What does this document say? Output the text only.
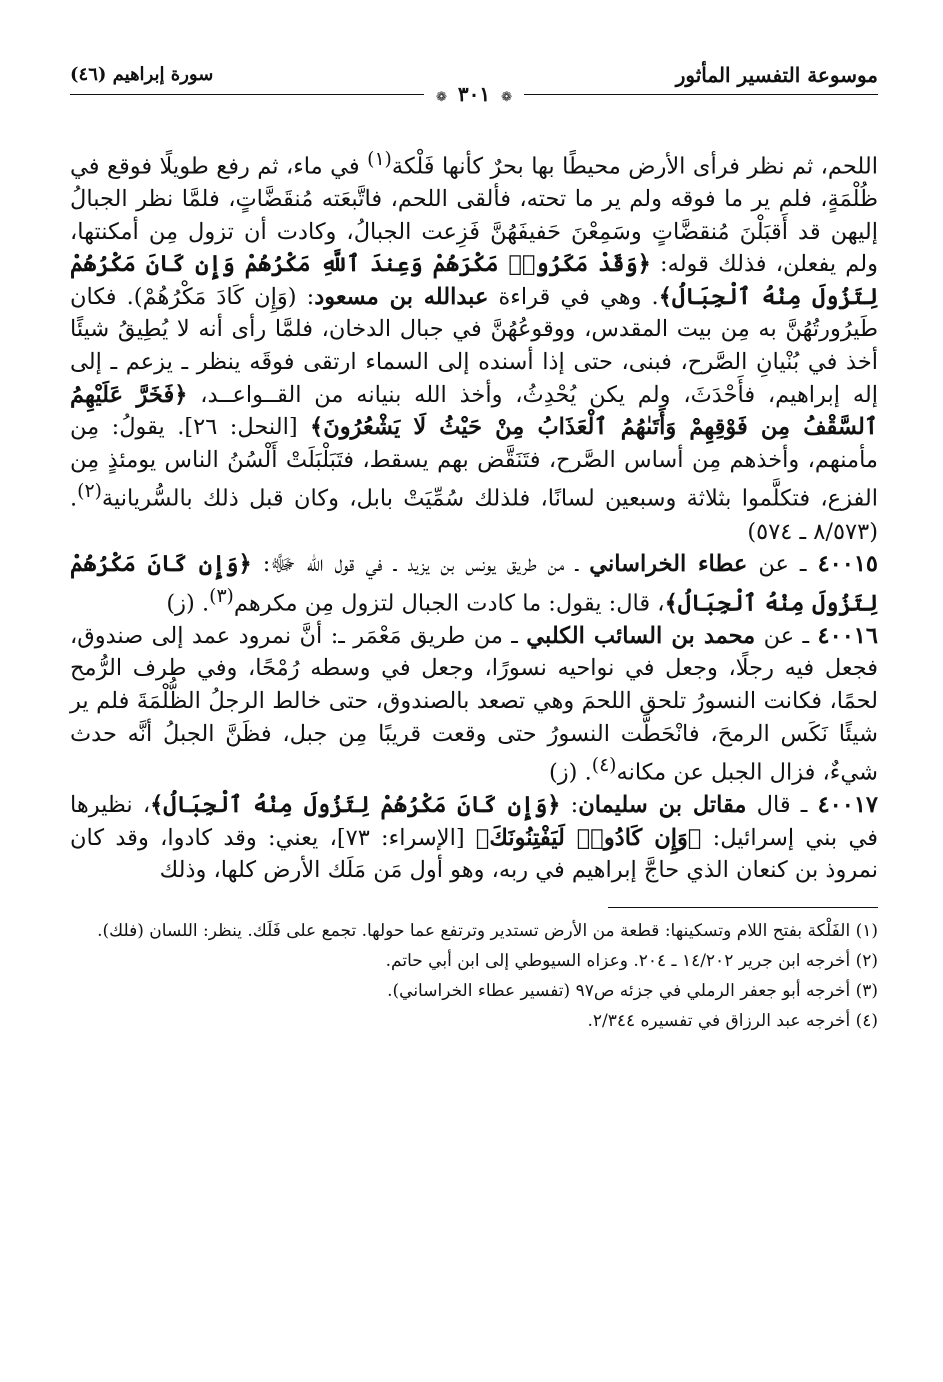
موسوعة التفسير المأثور
سورة إبراهيم (٤٦)
❁ ٣٠١ ❁

اللحم، ثم نظر فرأى الأرض محيطًا بها بحرٌ كأنها فَلْكة$^{(١)}$ في ماء، ثم رفع طويلًا فوقع في ظُلْمَةٍ، فلم ير ما فوقه ولم ير ما تحته، فألقى اللحم، فاتَّبعَته مُنقَضَّاتٍ، فلمَّا نظر الجبالُ إليهن قد أَقبَلْنَ مُنقضَّاتٍ وسَمِعْنَ حَفيفَهُنَّ فَزِعت الجبالُ، وكادت أن تزول مِن أمكنتها، ولم يفعلن، فذلك قوله: ﴿وَقَدْ مَكَرُوا۟ مَكْرَهُمْ وَعِندَ ٱللَّهِ مَكْرُهُمْ وَإِن كَانَ مَكْرُهُمْ لِتَزُولَ مِنْهُ ٱلْجِبَالُ﴾. وهي في قراءة عبدالله بن مسعود: (وَإِن كَادَ مَكْرُهُمْ). فكان طَيرُورتُهُنَّ به مِن بيت المقدس، ووقوعُهُنَّ في جبال الدخان، فلمَّا رأى أنه لا يُطِيقُ شيئًا أخذ في بُنْيانِ الصَّرح، فبنى، حتى إذا أسنده إلى السماء ارتقى فوقَه ينظر ـ يزعم ـ إلى إله إبراهيم، فأَحْدَثَ، ولم يكن يُحْدِثُ، وأخذ الله بنيانه من القــواعــد، ﴿فَخَرَّ عَلَيْهِمُ ٱلسَّقْفُ مِن فَوْقِهِمْ وَأَتَىٰهُمُ ٱلْعَذَابُ مِنْ حَيْثُ لَا يَشْعُرُونَ﴾ [النحل: ٢٦]. يقولُ: مِن مأمنهم، وأخذهم مِن أساس الصَّرح، فتَنَقَّض بهم يسقط، فتَبَلْبَلَتْ أَلْسُنُ الناس يومئذٍ مِن الفزع، فتكلَّموا بثلاثة وسبعين لسانًا، فلذلك سُمِّيَتْ بابل، وكان قبل ذلك بالسُّريانية$^{(٢)}$. (٨/٥٧٣ ـ ٥٧٤)

٤٠٠١٥ ـ عن عطاء الخراساني ـ من طريق يونس بن يزيد ـ في قول الله ﷻ: ﴿وَإِن كَانَ مَكْرُهُمْ لِتَزُولَ مِنْهُ ٱلْجِبَالُ﴾، قال: يقول: ما كادت الجبال لتزول مِن مكرهم$^{(٣)}$. (ز)

٤٠٠١٦ ـ عن محمد بن السائب الكلبي ـ من طريق مَعْمَر ـ: أنَّ نمرود عمد إلى صندوق، فجعل فيه رجلًا، وجعل في نواحيه نسورًا، وجعل في وسطه رُمْحًا، وفي طرف الرُّمح لحمًا، فكانت النسورُ تلحق اللحمَ وهي تصعد بالصندوق، حتى خالط الرجلُ الظُّلْمَةَ فلم ير شيئًا نَكَس الرمحَ، فانْحَطَّت النسورُ حتى وقعت قريبًا مِن جبل، فظَنَّ الجبلُ أنَّه حدث شيءٌ، فزال الجبل عن مكانه$^{(٤)}$. (ز)

٤٠٠١٧ ـ قال مقاتل بن سليمان: ﴿وَإِن كَانَ مَكْرُهُمْ لِتَزُولَ مِنْهُ ٱلْجِبَالُ﴾، نظيرها في بني إسرائيل: ﴿وَإِن كَادُوا۟ لَيَفْتِنُونَكَ﴾ [الإسراء: ٧٣]، يعني: وقد كادوا، وقد كان نمروذ بن كنعان الذي حاجَّ إبراهيم في ربه، وهو أول مَن مَلَك الأرض كلها، وذلك

(١) الفَلْكة بفتح اللام وتسكينها: قطعة من الأرض تستدير وترتفع عما حولها. تجمع على فَلَك. ينظر: اللسان (فلك).

(٢) أخرجه ابن جرير ١٤/٢٠٢ ـ ٢٠٤. وعزاه السيوطي إلى ابن أبي حاتم.

(٣) أخرجه أبو جعفر الرملي في جزئه ص٩٧ (تفسير عطاء الخراساني).

(٤) أخرجه عبد الرزاق في تفسيره ٢/٣٤٤.
